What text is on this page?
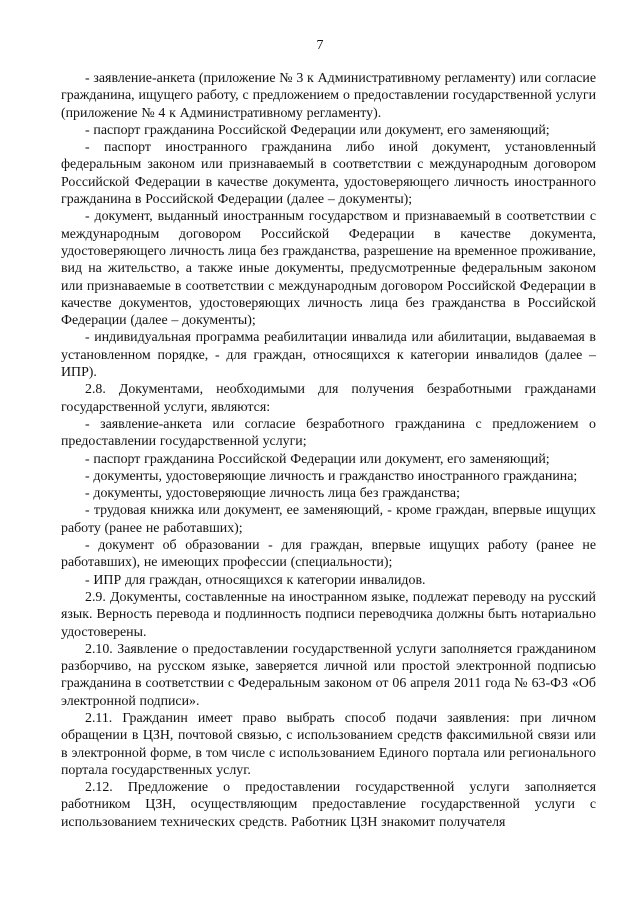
7

- заявление-анкета (приложение № 3 к Административному регламенту) или согласие гражданина, ищущего работу, с предложением о предоставлении государственной услуги (приложение № 4 к Административному регламенту).

- паспорт гражданина Российской Федерации или документ, его заменяющий;

- паспорт иностранного гражданина либо иной документ, установленный федеральным законом или признаваемый в соответствии с международным договором Российской Федерации в качестве документа, удостоверяющего личность иностранного гражданина в Российской Федерации (далее – документы);

- документ, выданный иностранным государством и признаваемый в соответствии с международным договором Российской Федерации в качестве документа, удостоверяющего личность лица без гражданства, разрешение на временное проживание, вид на жительство, а также иные документы, предусмотренные федеральным законом или признаваемые в соответствии с международным договором Российской Федерации в качестве документов, удостоверяющих личность лица без гражданства в Российской Федерации (далее – документы);

- индивидуальная программа реабилитации инвалида или абилитации, выдаваемая в установленном порядке, - для граждан, относящихся к категории инвалидов (далее – ИПР).

2.8. Документами, необходимыми для получения безработными гражданами государственной услуги, являются:

- заявление-анкета или согласие безработного гражданина с предложением о предоставлении государственной услуги;

- паспорт гражданина Российской Федерации или документ, его заменяющий;

- документы, удостоверяющие личность и гражданство иностранного гражданина;

- документы, удостоверяющие личность лица без гражданства;

- трудовая книжка или документ, ее заменяющий, - кроме граждан, впервые ищущих работу (ранее не работавших);

- документ об образовании - для граждан, впервые ищущих работу (ранее не работавших), не имеющих профессии (специальности);

- ИПР для граждан, относящихся к категории инвалидов.

2.9. Документы, составленные на иностранном языке, подлежат переводу на русский язык. Верность перевода и подлинность подписи переводчика должны быть нотариально удостоверены.

2.10. Заявление о предоставлении государственной услуги заполняется гражданином разборчиво, на русском языке, заверяется личной или простой электронной подписью гражданина в соответствии с Федеральным законом от 06 апреля 2011 года № 63-ФЗ «Об электронной подписи».

2.11. Гражданин имеет право выбрать способ подачи заявления: при личном обращении в ЦЗН, почтовой связью, с использованием средств факсимильной связи или в электронной форме, в том числе с использованием Единого портала или регионального портала государственных услуг.

2.12. Предложение о предоставлении государственной услуги заполняется работником ЦЗН, осуществляющим предоставление государственной услуги с использованием технических средств. Работник ЦЗН знакомит получателя
